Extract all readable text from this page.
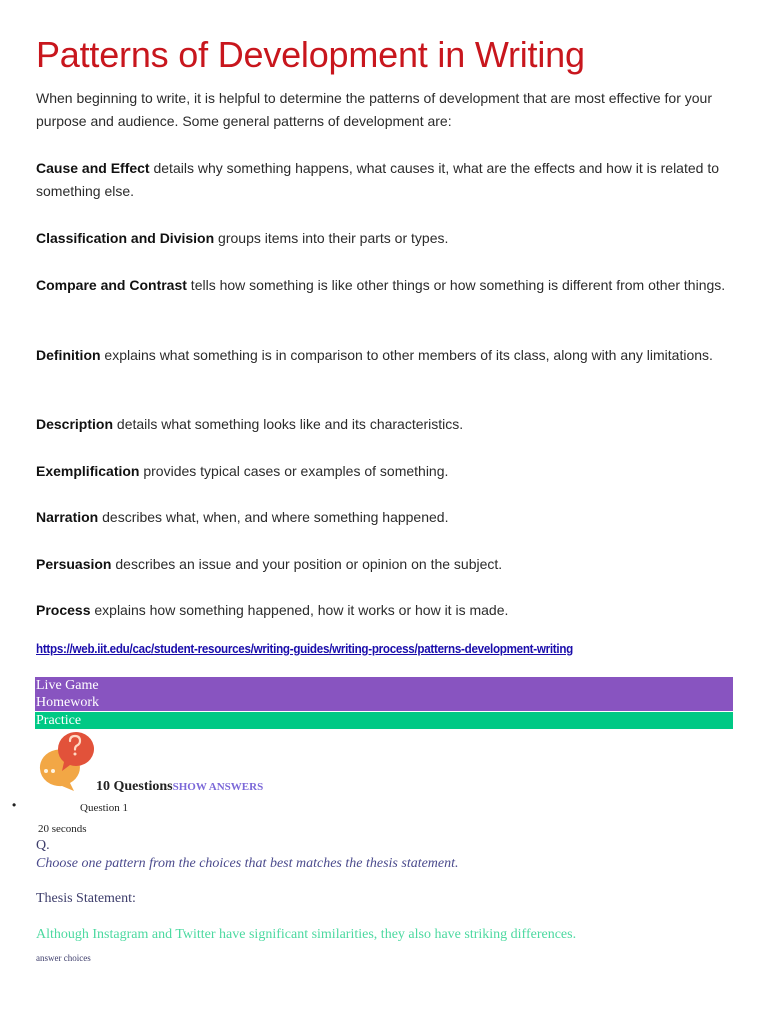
Patterns of Development in Writing

When beginning to write, it is helpful to determine the patterns of development that are most effective for your purpose and audience. Some general patterns of development are:

Cause and Effect details why something happens, what causes it, what are the effects and how it is related to something else.

Classification and Division groups items into their parts or types.

Compare and Contrast tells how something is like other things or how something is different from other things.

Definition explains what something is in comparison to other members of its class, along with any limitations.

Description details what something looks like and its characteristics.

Exemplification provides typical cases or examples of something.

Narration describes what, when, and where something happened.

Persuasion describes an issue and your position or opinion on the subject.

Process explains how something happened, how it works or how it is made.

https://web.iit.edu/cac/student-resources/writing-guides/writing-process/patterns-development-writing
Live Game
Homework
Practice
10 QuestionsSHOW ANSWERS
•	Question 1
20 seconds
Q.
Choose one pattern from the choices that best matches the thesis statement.
Thesis Statement:
Although Instagram and Twitter have significant similarities, they also have striking differences.
answer choices
